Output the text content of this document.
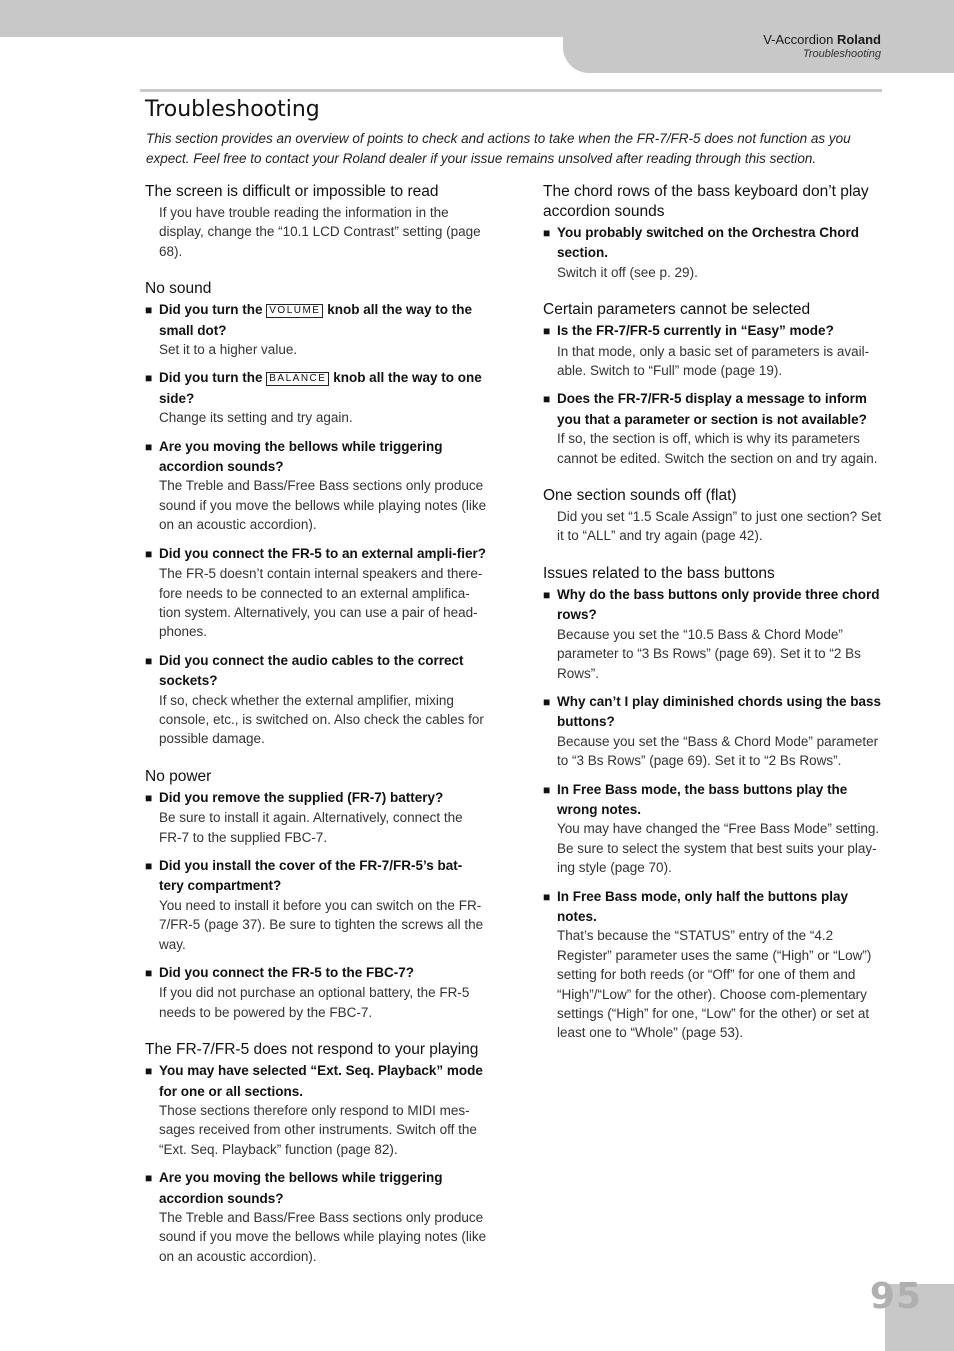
V-Accordion Roland
Troubleshooting
Troubleshooting

This section provides an overview of points to check and actions to take when the FR-7/FR-5 does not function as you expect. Feel free to contact your Roland dealer if your issue remains unsolved after reading through this section.

The screen is difficult or impossible to read

If you have trouble reading the information in the display, change the “10.1 LCD Contrast” setting (page 68).

No sound

■ Did you turn the VOLUME knob all the way to the small dot?

Set it to a higher value.

■ Did you turn the BALANCE knob all the way to one side?

Change its setting and try again.

■ Are you moving the bellows while triggering accordion sounds?

The Treble and Bass/Free Bass sections only produce sound if you move the bellows while playing notes (like on an acoustic accordion).

■ Did you connect the FR-5 to an external ampli-fier?

The FR-5 doesn’t contain internal speakers and there-fore needs to be connected to an external amplifica-tion system. Alternatively, you can use a pair of head-phones.

■ Did you connect the audio cables to the correct sockets?

If so, check whether the external amplifier, mixing console, etc., is switched on. Also check the cables for possible damage.

No power

■ Did you remove the supplied (FR-7) battery?

Be sure to install it again. Alternatively, connect the FR-7 to the supplied FBC-7.

■ Did you install the cover of the FR-7/FR-5’s bat-tery compartment?

You need to install it before you can switch on the FR-7/FR-5 (page 37). Be sure to tighten the screws all the way.

■ Did you connect the FR-5 to the FBC-7?

If you did not purchase an optional battery, the FR-5 needs to be powered by the FBC-7.

The FR-7/FR-5 does not respond to your playing

■ You may have selected “Ext. Seq. Playback” mode for one or all sections.

Those sections therefore only respond to MIDI mes-sages received from other instruments. Switch off the “Ext. Seq. Playback” function (page 82).

■ Are you moving the bellows while triggering accordion sounds?

The Treble and Bass/Free Bass sections only produce sound if you move the bellows while playing notes (like on an acoustic accordion).

The chord rows of the bass keyboard don’t play accordion sounds

■ You probably switched on the Orchestra Chord section.

Switch it off (see p. 29).

Certain parameters cannot be selected

■ Is the FR-7/FR-5 currently in “Easy” mode?

In that mode, only a basic set of parameters is avail-able. Switch to “Full” mode (page 19).

■ Does the FR-7/FR-5 display a message to inform you that a parameter or section is not available?

If so, the section is off, which is why its parameters cannot be edited. Switch the section on and try again.

One section sounds off (flat)

Did you set “1.5 Scale Assign” to just one section? Set it to “ALL” and try again (page 42).

Issues related to the bass buttons

■ Why do the bass buttons only provide three chord rows?

Because you set the “10.5 Bass & Chord Mode” parameter to “3 Bs Rows” (page 69). Set it to “2 Bs Rows”.

■ Why can’t I play diminished chords using the bass buttons?

Because you set the “Bass & Chord Mode” parameter to “3 Bs Rows” (page 69). Set it to “2 Bs Rows”.

■ In Free Bass mode, the bass buttons play the wrong notes.

You may have changed the “Free Bass Mode” setting. Be sure to select the system that best suits your play-ing style (page 70).

■ In Free Bass mode, only half the buttons play notes.

That’s because the “STATUS” entry of the “4.2 Register” parameter uses the same (“High” or “Low”) setting for both reeds (or “Off” for one of them and “High”/“Low” for the other). Choose com-plementary settings (“High” for one, “Low” for the other) or set at least one to “Whole” (page 53).

95
